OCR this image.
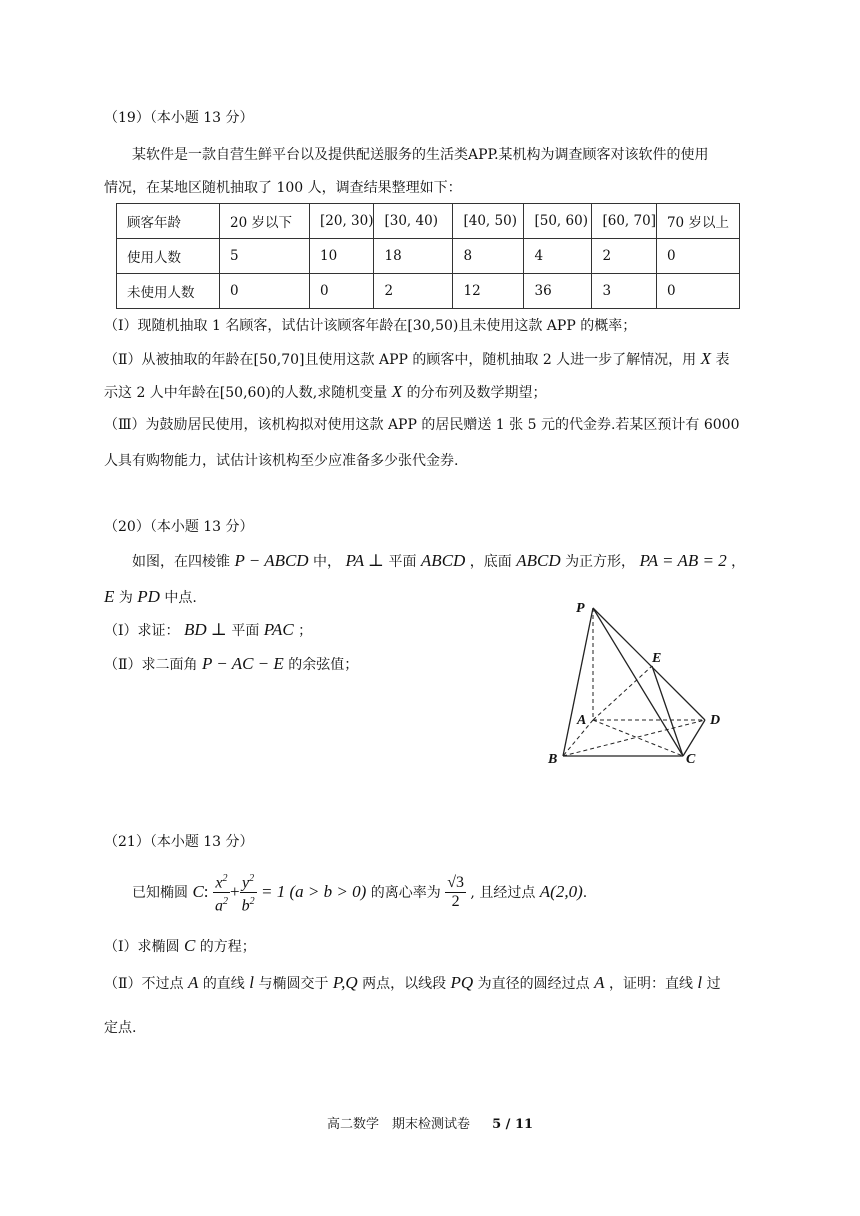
（19）（本小题 13 分）
某软件是一款自营生鲜平台以及提供配送服务的生活类APP.某机构为调查顾客对该软件的使用
情况，在某地区随机抽取了 100 人，调查结果整理如下：
顾客年龄	20 岁以下	[20, 30)	[30, 40)	[40, 50)	[50, 60)	[60, 70]	70 岁以上
使用人数	5	10	18	8	4	2	0
未使用人数	0	0	2	12	36	3	0
（Ⅰ）现随机抽取 1 名顾客，试估计该顾客年龄在[30,50)且未使用这款 APP 的概率；
（Ⅱ）从被抽取的年龄在[50,70]且使用这款 APP 的顾客中，随机抽取 2 人进一步了解情况，用 X 表
示这 2 人中年龄在[50,60)的人数,求随机变量 X 的分布列及数学期望；
（Ⅲ）为鼓励居民使用，该机构拟对使用这款 APP 的居民赠送 1 张 5 元的代金券.若某区预计有 6000
人具有购物能力，试估计该机构至少应准备多少张代金券.
（20）（本小题 13 分）
如图，在四棱锥 P − ABCD 中， PA ⊥ 平面 ABCD ，底面 ABCD 为正方形， PA = AB = 2 ，
E 为 PD 中点.
（Ⅰ）求证： BD ⊥ 平面 PAC ；
（Ⅱ）求二面角 P − AC − E 的余弦值；
P
E
A	D
B	C
（21）（本小题 13 分）
已知椭圆 C: $\frac{x^2}{a^2} + \frac{y^2}{b^2} = 1$ (a > b > 0) 的离心率为 $\frac{√3}{2}$ , 且经过点 A(2,0).
（Ⅰ）求椭圆 C 的方程；
（Ⅱ）不过点 A 的直线 l 与椭圆交于 P,Q 两点，以线段 PQ 为直径的圆经过点 A ，证明：直线 l 过
定点.
高二数学　期末检测试卷 5 / 11
